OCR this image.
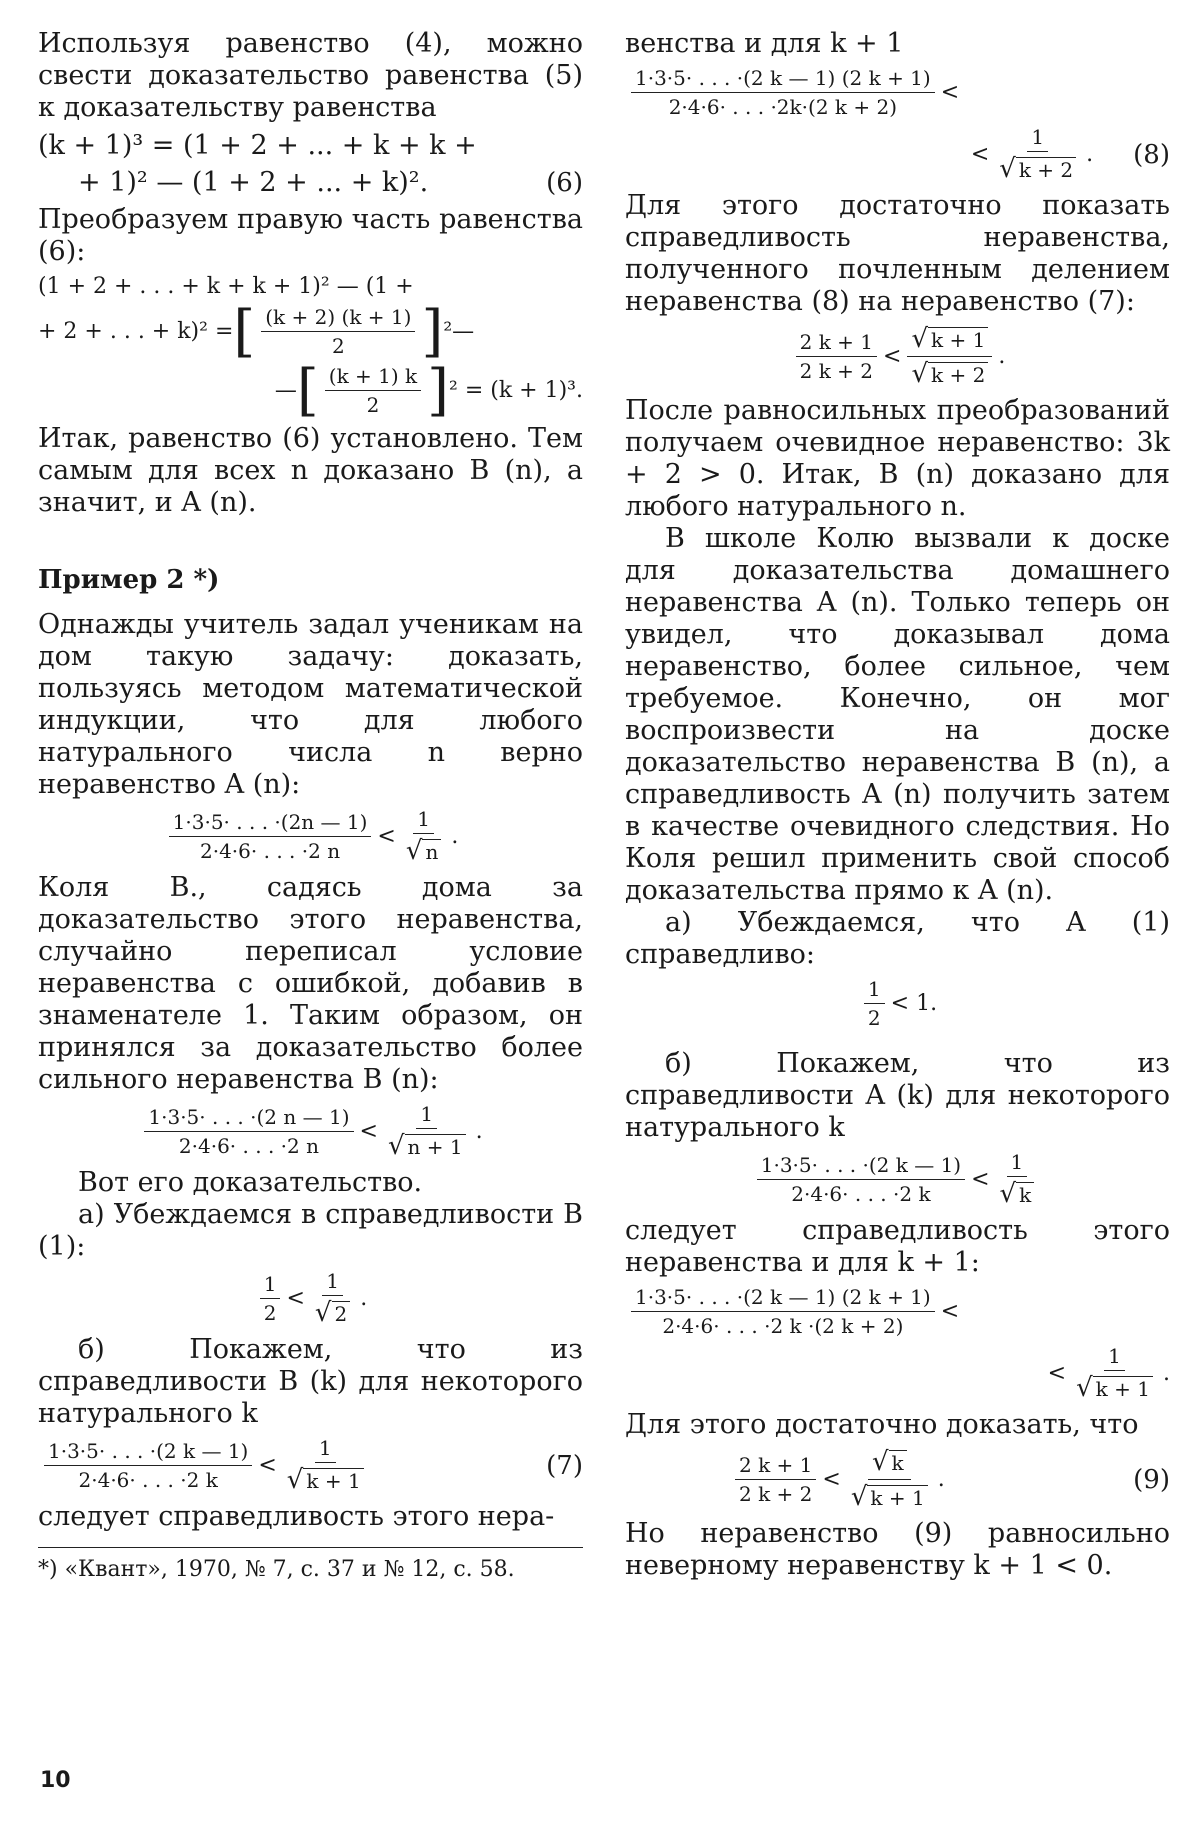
Используя равенство (4), можно свести доказательство равенства (5) к доказательству равенства

(k + 1)³ = (1 + 2 + ... + k + k +
+ 1)² — (1 + 2 + ... + k)².	(6)

Преобразуем правую часть равенства (6):

(1 + 2 + . . . + k + k + 1)² — (1 +
+ 2 + . . . + k)² = [ $\frac{(k + 2) (k + 1)}{2}$ ] ²—
— [ $\frac{(k + 1) k}{2}$ ] ² = (k + 1)³.

Итак, равенство (6) установлено. Тем самым для всех n доказано B (n), а значит, и A (n).

Пример 2 *)

Однажды учитель задал ученикам на дом такую задачу: доказать, пользуясь методом математической индукции, что для любого натурального числа n верно неравенство A (n):

$\frac{1\cdot 3\cdot 5\cdot . . . \cdot(2n — 1)}{2\cdot 4\cdot 6\cdot . . . \cdot 2 n} < \frac{1}{√ n}$ .

Коля В., садясь дома за доказательство этого неравенства, случайно переписал условие неравенства с ошибкой, добавив в знаменателе 1. Таким образом, он принялся за доказательство более сильного неравенства B (n):

$\frac{1\cdot 3\cdot 5\cdot . . . \cdot(2 n — 1)}{2\cdot 4\cdot 6\cdot . . . \cdot 2 n} < \frac{1}{√ n + 1}$ .

Вот его доказательство.

а) Убеждаемся в справедливости B (1):

$\frac{1}{2} < \frac{1}{√ 2}$ .

б) Покажем, что из справедливости B (k) для некоторого натурального k

$\frac{1\cdot 3\cdot 5\cdot . . . \cdot(2 k — 1)}{2\cdot 4\cdot 6\cdot . . . \cdot 2 k} < \frac{1}{√ k + 1}$	(7)

следует справедливость этого нера-

*) «Квант», 1970, № 7, с. 37 и № 12, с. 58.

венства и для k + 1

$\frac{1\cdot 3\cdot 5\cdot . . . \cdot(2 k — 1) (2 k + 1)}{2\cdot 4\cdot 6\cdot . . . \cdot 2k\cdot(2 k + 2)}$ <
< $\frac{1}{√ k + 2}$ . (8)

Для этого достаточно показать справедливость неравенства, полученного почленным делением неравенства (8) на неравенство (7):

$\frac{2 k + 1}{2 k + 2} < \frac{√ k + 1}{√ k + 2}$ .

После равносильных преобразований получаем очевидное неравенство: 3k + 2 > 0. Итак, B (n) доказано для любого натурального n.

В школе Колю вызвали к доске для доказательства домашнего неравенства A (n). Только теперь он увидел, что доказывал дома неравенство, более сильное, чем требуемое. Конечно, он мог воспроизвести на доске доказательство неравенства B (n), а справедливость A (n) получить затем в качестве очевидного следствия. Но Коля решил применить свой способ доказательства прямо к A (n).

а) Убеждаемся, что A (1) справедливо:

$\frac{1}{2} < 1$.

б) Покажем, что из справедливости A (k) для некоторого натурального k

$\frac{1\cdot 3\cdot 5\cdot . . . \cdot(2 k — 1)}{2\cdot 4\cdot 6\cdot . . . \cdot 2 k} < \frac{1}{√ k}$

следует справедливость этого неравенства и для k + 1:

$\frac{1\cdot 3\cdot 5\cdot . . . \cdot(2 k — 1) (2 k + 1)}{2\cdot 4\cdot 6\cdot . . . \cdot 2 k \cdot(2 k + 2)}$ <
< $\frac{1}{√ k + 1}$ .

Для этого достаточно доказать, что

$\frac{2 k + 1}{2 k + 2} < \frac{√ k}{√ k + 1}$ .	(9)

Но неравенство (9) равносильно неверному неравенству k + 1 < 0.

10
